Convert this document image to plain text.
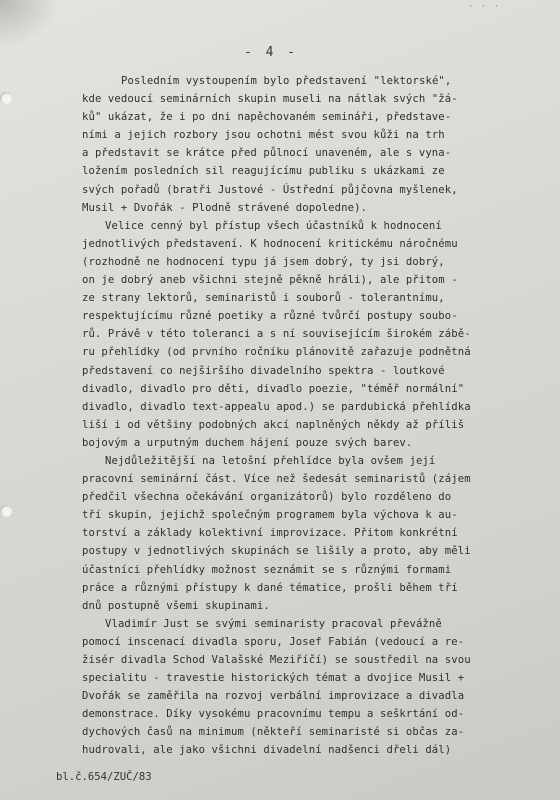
· · ·
- 4 -
Posledním vystoupením bylo představení "lektorské",
kde vedoucí seminárních skupin museli na nátlak svých "žá-
ků" ukázat, že i po dni napěchovaném semináři, představe-
ními a jejich rozbory jsou ochotni mést svou kůži na trh
a představit se krátce před půlnocí unaveném, ale s vyna-
ložením posledních sil reagujícímu publiku s ukázkami ze
svých pořadů (bratři Justové - Ústřední půjčovna myšlenek,
Musil + Dvořák - Plodně strávené dopoledne).
Velice cenný byl přístup všech účastníků k hodnocení
jednotlivých představení. K hodnocení kritickému náročnému
(rozhodně ne hodnocení typu já jsem dobrý, ty jsi dobrý,
on je dobrý aneb všichni stejně pěkně hráli), ale přitom -
ze strany lektorů, seminaristů i souborů - tolerantnímu,
respektujícímu různé poetiky a různé tvůrčí postupy soubo-
rů. Právě v této toleranci a s ní souvisejícím širokém zábě-
ru přehlídky (od prvního ročníku plánovitě zařazuje podnětná
představení co nejširšího divadelního spektra - loutkové
divadlo, divadlo pro děti, divadlo poezie, "téměř normální"
divadlo, divadlo text-appealu apod.) se pardubická přehlídka
liší i od většiny podobných akcí naplněných někdy až příliš
bojovým a urputným duchem hájení pouze svých barev.
Nejdůležitější na letošní přehlídce byla ovšem její
pracovní seminární část. Více než šedesát seminaristů (zájem
předčil všechna očekávání organizátorů) bylo rozděleno do
tří skupin, jejichž společným programem byla výchova k au-
torství a základy kolektivní improvizace. Přitom konkrétní
postupy v jednotlivých skupinách se lišily a proto, aby měli
účastníci přehlídky možnost seznámit se s různými formami
práce a různými přístupy k dané tématice, prošli během tří
dnů postupně všemi skupinami.
Vladimír Just se svými seminaristy pracoval převážně
pomocí inscenací divadla sporu, Josef Fabián (vedoucí a re-
žisér divadla Schod Valašské Meziříčí) se soustředil na svou
specialitu - travestie historických témat a dvojice Musil +
Dvořák se zaměřila na rozvoj verbální improvizace a divadla
demonstrace. Díky vysokému pracovnímu tempu a seškrtání od-
dychových časů na minimum (někteří seminaristé si občas za-
hudrovali, ale jako všichni divadelní nadšenci dřeli dál)
bl.č.654/ZUČ/83
